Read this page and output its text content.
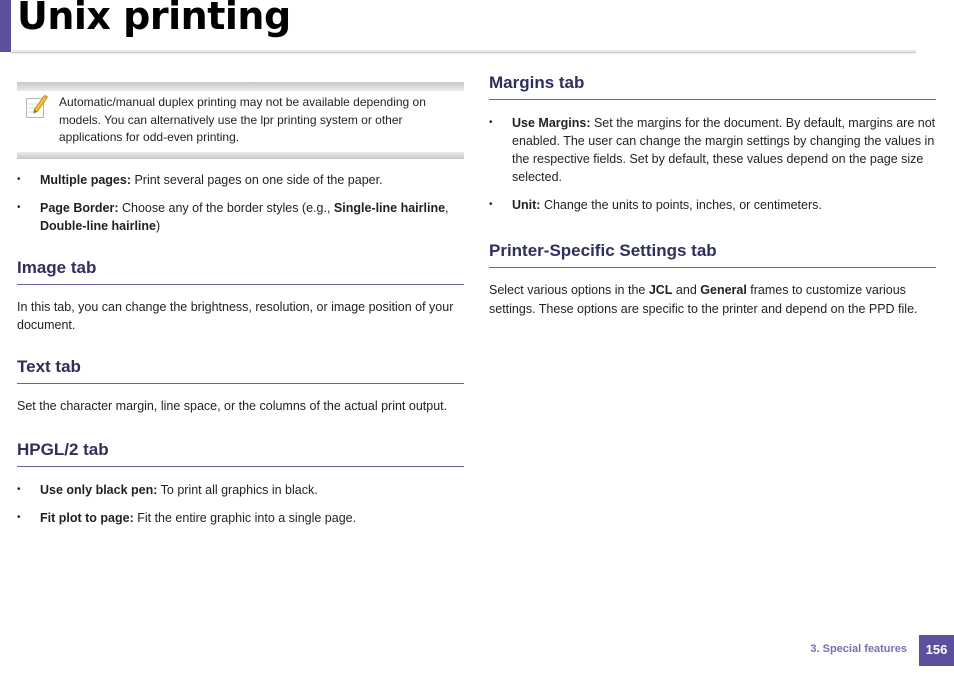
Unix printing
Automatic/manual duplex printing may not be available depending on models. You can alternatively use the lpr printing system or other applications for odd-even printing.
• Multiple pages: Print several pages on one side of the paper.
• Page Border: Choose any of the border styles (e.g., Single-line hairline, Double-line hairline)
Image tab

In this tab, you can change the brightness, resolution, or image position of your document.

Text tab

Set the character margin, line space, or the columns of the actual print output.

HPGL/2 tab
• Use only black pen: To print all graphics in black.
• Fit plot to page: Fit the entire graphic into a single page.
Margins tab
• Use Margins: Set the margins for the document. By default, margins are not enabled. The user can change the margin settings by changing the values in the respective fields. Set by default, these values depend on the page size selected.
• Unit: Change the units to points, inches, or centimeters.
Printer-Specific Settings tab

Select various options in the JCL and General frames to customize various settings. These options are specific to the printer and depend on the PPD file.

3. Special features 156
